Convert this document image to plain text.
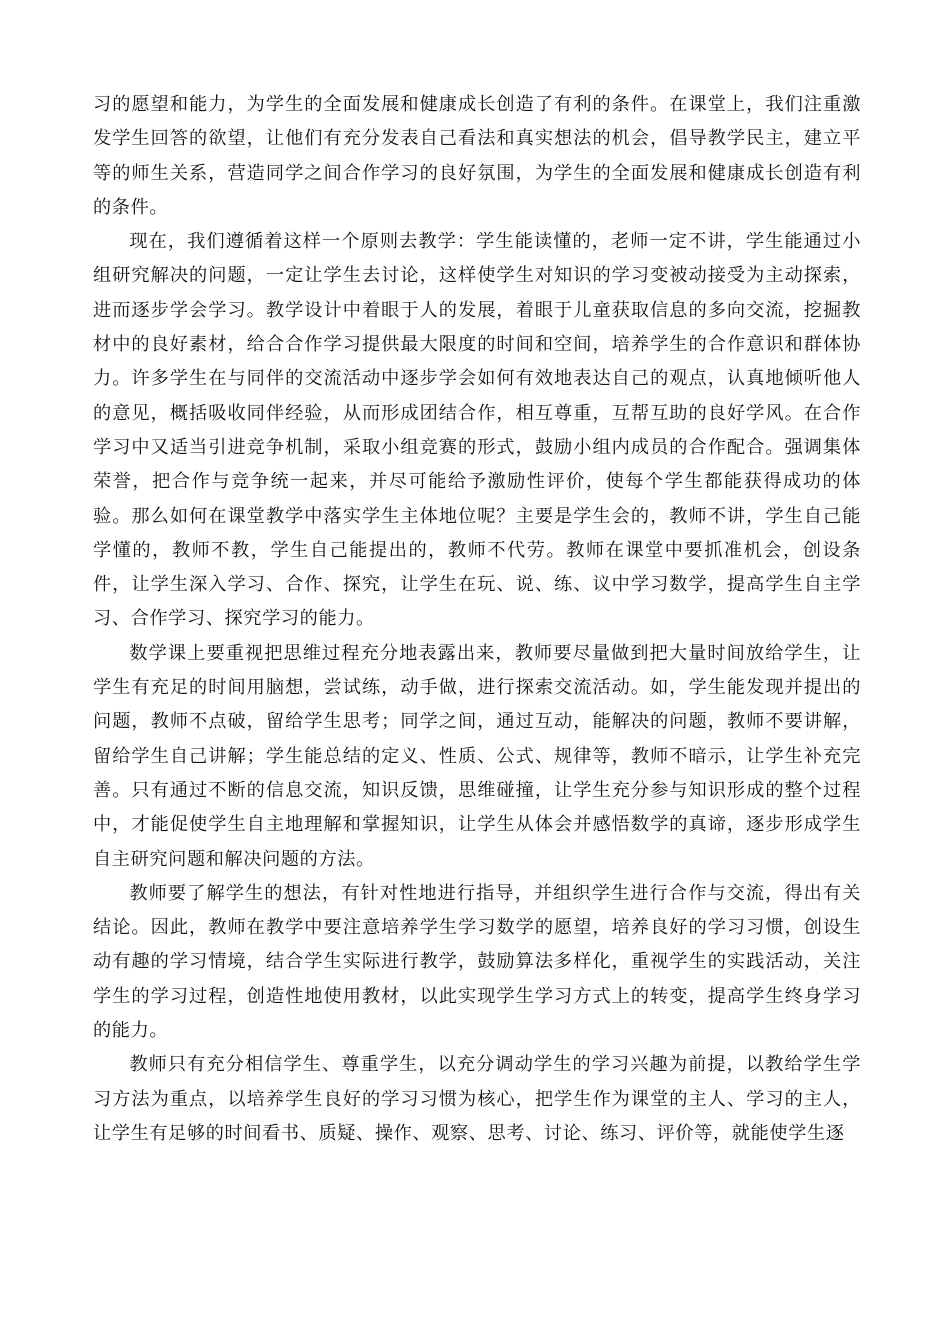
习的愿望和能力，为学生的全面发展和健康成长创造了有利的条件。在课堂上，我们注重激发学生回答的欲望，让他们有充分发表自己看法和真实想法的机会，倡导教学民主，建立平等的师生关系，营造同学之间合作学习的良好氛围，为学生的全面发展和健康成长创造有利的条件。

现在，我们遵循着这样一个原则去教学：学生能读懂的，老师一定不讲，学生能通过小组研究解决的问题，一定让学生去讨论，这样使学生对知识的学习变被动接受为主动探索，进而逐步学会学习。教学设计中着眼于人的发展，着眼于儿童获取信息的多向交流，挖掘教材中的良好素材，给合合作学习提供最大限度的时间和空间，培养学生的合作意识和群体协力。许多学生在与同伴的交流活动中逐步学会如何有效地表达自己的观点，认真地倾听他人的意见，概括吸收同伴经验，从而形成团结合作，相互尊重，互帮互助的良好学风。在合作学习中又适当引进竞争机制，采取小组竞赛的形式，鼓励小组内成员的合作配合。强调集体荣誉，把合作与竞争统一起来，并尽可能给予激励性评价，使每个学生都能获得成功的体验。那么如何在课堂教学中落实学生主体地位呢？主要是学生会的，教师不讲，学生自己能学懂的，教师不教，学生自己能提出的，教师不代劳。教师在课堂中要抓准机会，创设条件，让学生深入学习、合作、探究，让学生在玩、说、练、议中学习数学，提高学生自主学习、合作学习、探究学习的能力。

数学课上要重视把思维过程充分地表露出来，教师要尽量做到把大量时间放给学生，让学生有充足的时间用脑想，尝试练，动手做，进行探索交流活动。如，学生能发现并提出的问题，教师不点破，留给学生思考；同学之间，通过互动，能解决的问题，教师不要讲解，留给学生自己讲解；学生能总结的定义、性质、公式、规律等，教师不暗示，让学生补充完善。只有通过不断的信息交流，知识反馈，思维碰撞，让学生充分参与知识形成的整个过程中，才能促使学生自主地理解和掌握知识，让学生从体会并感悟数学的真谛，逐步形成学生自主研究问题和解决问题的方法。

教师要了解学生的想法，有针对性地进行指导，并组织学生进行合作与交流，得出有关结论。因此，教师在教学中要注意培养学生学习数学的愿望，培养良好的学习习惯，创设生动有趣的学习情境，结合学生实际进行教学，鼓励算法多样化，重视学生的实践活动，关注学生的学习过程，创造性地使用教材，以此实现学生学习方式上的转变，提高学生终身学习的能力。

教师只有充分相信学生、尊重学生，以充分调动学生的学习兴趣为前提，以教给学生学习方法为重点，以培养学生良好的学习习惯为核心，把学生作为课堂的主人、学习的主人，让学生有足够的时间看书、质疑、操作、观察、思考、讨论、练习、评价等，就能使学生逐
